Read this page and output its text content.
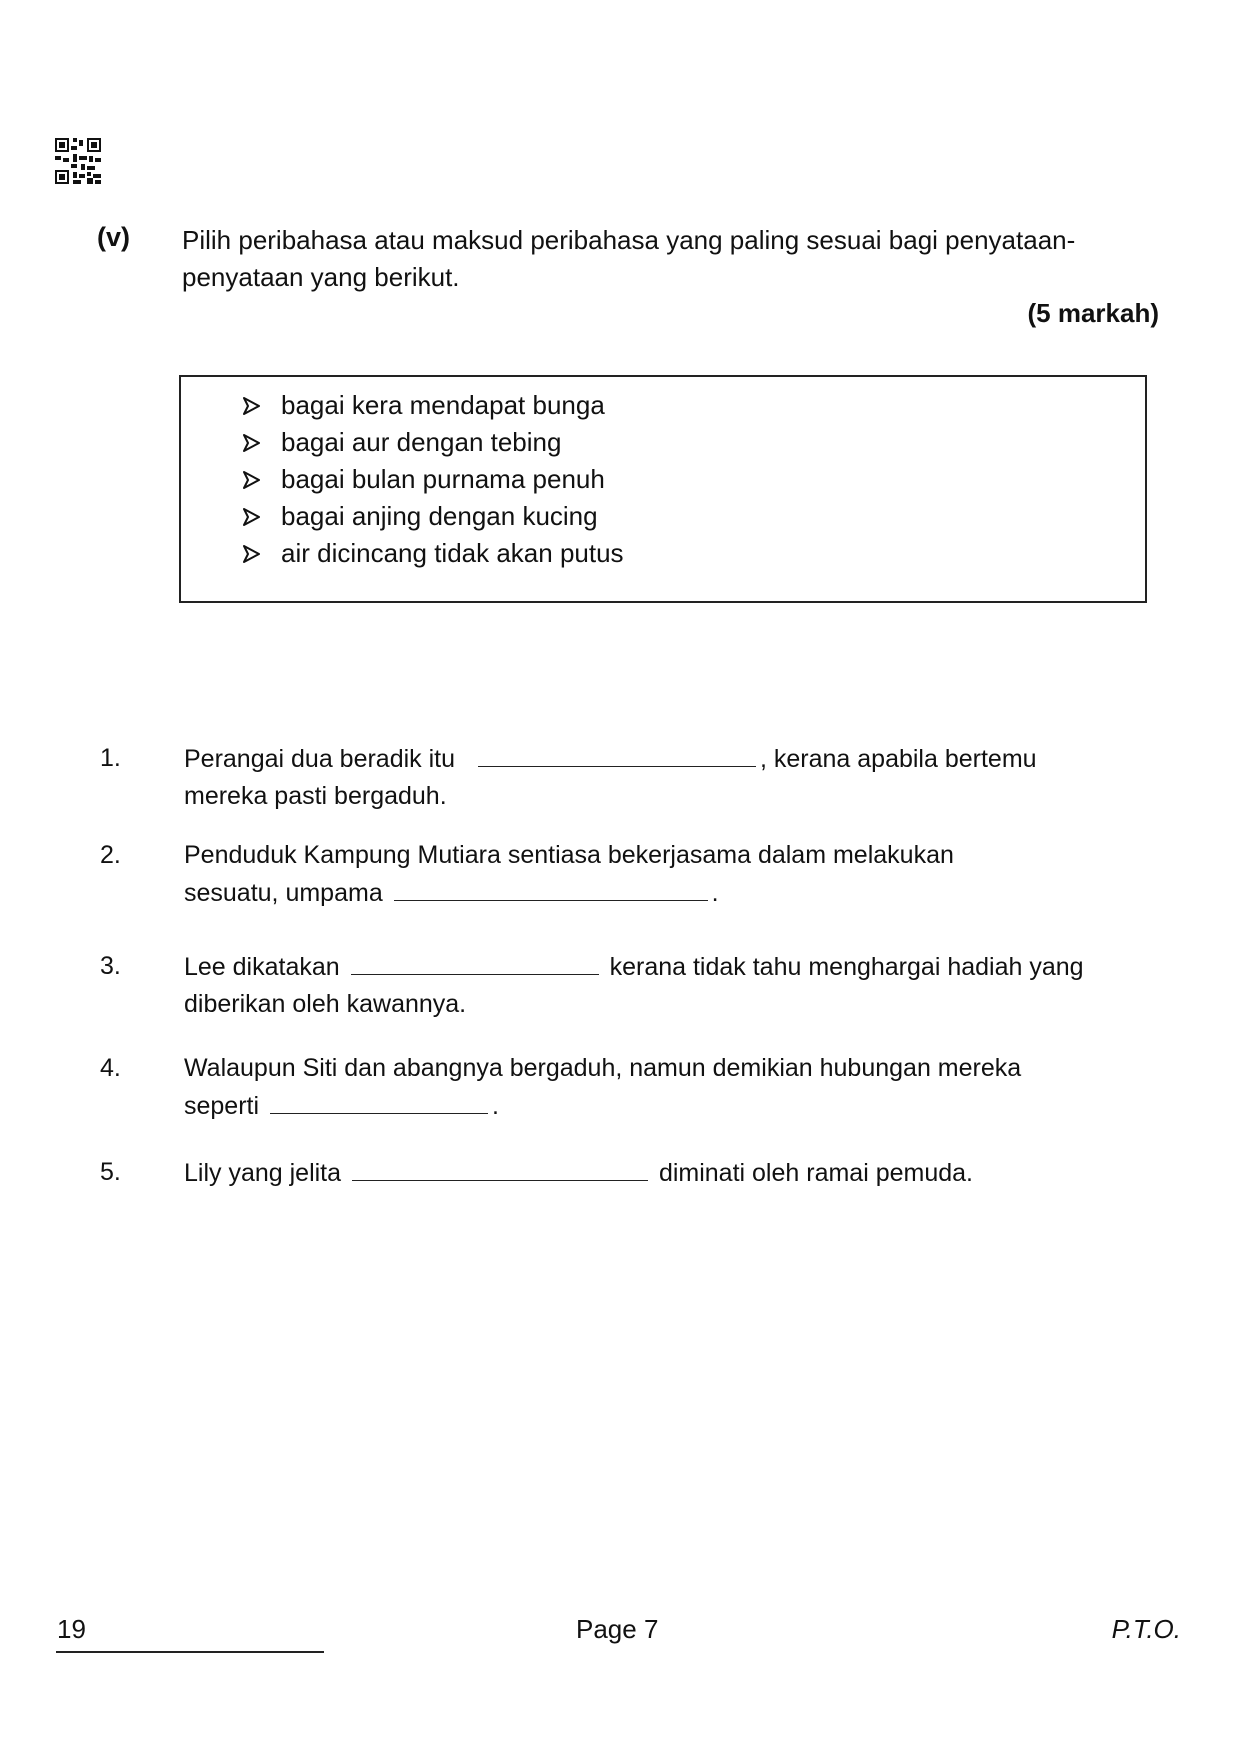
(v) Pilih peribahasa atau maksud peribahasa yang paling sesuai bagi penyataan-
penyataan yang berikut.
(5 markah)
bagai kera mendapat bunga
bagai aur dengan tebing
bagai bulan purnama penuh
bagai anjing dengan kucing
air dicincang tidak akan putus
1.	Perangai dua beradik itu	, kerana apabila bertemu
mereka pasti bergaduh.
2.	Penduduk Kampung Mutiara sentiasa bekerjasama dalam melakukan
sesuatu, umpama	.
3.	Lee dikatakan	kerana tidak tahu menghargai hadiah yang
diberikan oleh kawannya.
4.	Walaupun Siti dan abangnya bergaduh, namun demikian hubungan mereka
seperti	.
5.	Lily yang jelita	diminati oleh ramai pemuda.
19	Page 7	P.T.O.
